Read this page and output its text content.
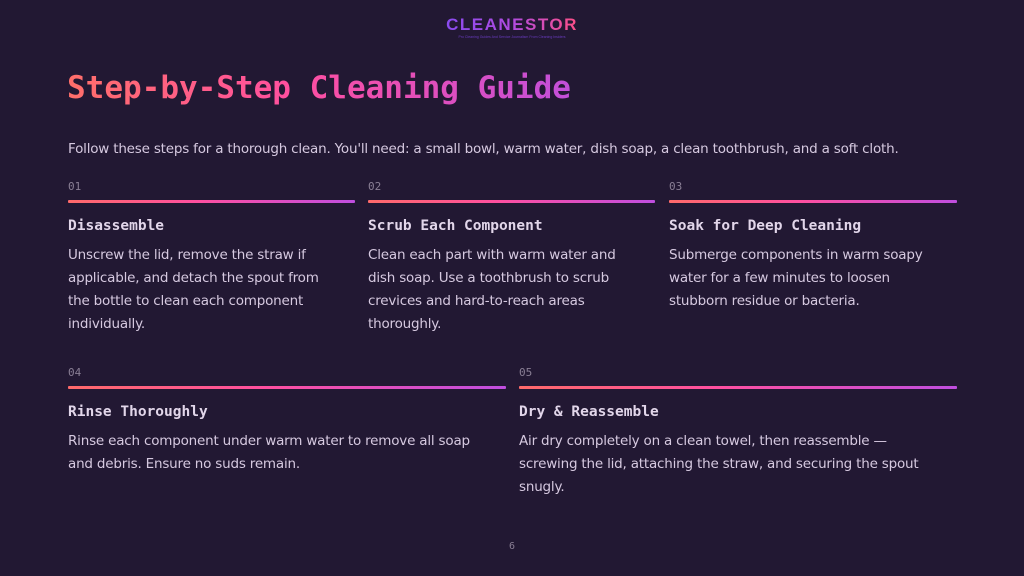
CLEANESTOR
Pro Cleaning Guides And Service Journalism From Cleaning Insiders
Step-by-Step Cleaning Guide

Follow these steps for a thorough clean. You'll need: a small bowl, warm water, dish soap, a clean toothbrush, and a soft cloth.

01
Disassemble
Unscrew the lid, remove the straw if applicable, and detach the spout from the bottle to clean each component individually.
02
Scrub Each Component
Clean each part with warm water and dish soap. Use a toothbrush to scrub crevices and hard-to-reach areas thoroughly.
03
Soak for Deep Cleaning
Submerge components in warm soapy water for a few minutes to loosen stubborn residue or bacteria.
04
Rinse Thoroughly
Rinse each component under warm water to remove all soap and debris. Ensure no suds remain.
05
Dry & Reassemble
Air dry completely on a clean towel, then reassemble — screwing the lid, attaching the straw, and securing the spout snugly.
6
